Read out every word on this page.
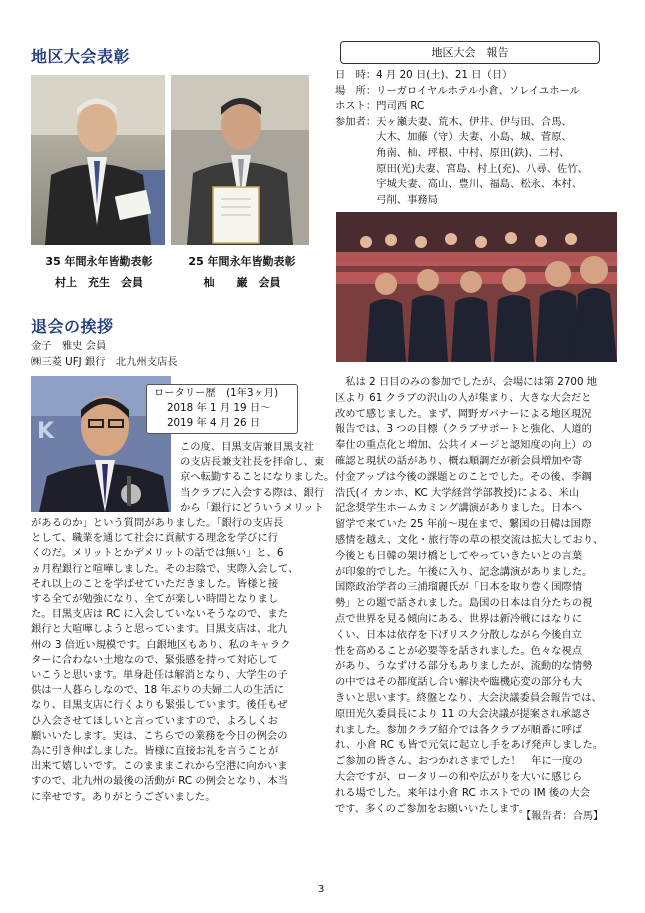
地区大会表彰
35 年間永年皆勤表彰
村上　充生　会員
25 年間永年皆勤表彰
杣　　巌　会員
退会の挨拶
金子　雅史 会員
㈱三菱 UFJ 銀行　北九州支店長
K
ロータリー歴　(1年3ヶ月)
2018 年 1 月 19 日～
2019 年 4 月 26 日
この度、目黒支店兼目黒支社
の支店長兼支社長を拝命し、東
京へ転勤することになりました。
当クラブに入会する際は、銀行
から「銀行にどういうメリット
があるのか」という質問がありました。「銀行の支店長
として、職業を通じて社会に貢献する理念を学びに行
くのだ。メリットとかデメリットの話では無い」と、6
ヵ月程銀行と喧嘩しました。そのお陰で、実際入会して、
それ以上のことを学ばせていただきました。皆様と接
する全てが勉強になり、全てが楽しい時間となりまし
た。目黒支店は RC に入会していないそうなので、また
銀行と大喧嘩しようと思っています。目黒支店は、北九
州の 3 倍近い規模です。白銀地区もあり、私のキャラク
ターに合わない土地なので、緊張感を持って対応して
いこうと思います。単身赴任は解消となり、大学生の子
供は一人暮らしなので、18 年ぶりの夫婦二人の生活に
なり、目黒支店に行くよりも緊張しています。後任もぜ
ひ入会させてほしいと言っていますので、よろしくお
願いいたします。実は、こちらでの業務を今日の例会の
為に引き伸ばしました。皆様に直接お礼を言うことが
出来て嬉しいです。このまままこれから空港に向かいま
すので、北九州の最後の活動が RC の例会となり、本当
に幸せです。ありがとうございました。
地区大会　報告
日　時：4 月 20 日(土)、21 日（日）
場　所：リーガロイヤルホテル小倉、ソレイユホール
ホスト：門司西 RC
参加者：天ヶ瀬夫妻、荒木、伊井、伊与田、合馬、
　　　　大木、加藤（守）夫妻、小島、城、菅原、
　　　　角南、杣、坪根、中村、原田(鉄)、二村、
　　　　原田(光)夫妻、宮島、村上(充)、八尋、佐竹、
　　　　宇城夫妻、高山、豊川、福島、松永、本村、
　　　　弓削、事務局
　私は 2 日目のみの参加でしたが、会場には第 2700 地
区より 61 クラブの沢山の人が集まり、大きな大会だと
改めて感じました。まず、岡野ガバナーによる地区現況
報告では、3 つの目標（クラブサポートと強化、人道的
奉仕の重点化と増加、公共イメージと認知度の向上）の
確認と現状の話があり、概ね順調だが新会員増加や寄
付金アップは今後の課題とのことでした。その後、李鋼
浩氏(イ カンホ、KC 大学経営学部教授)による、米山
記念奨学生ホームカミング講演がありました。日本へ
留学で来ていた 25 年前～現在まで、繋国の日韓は国際
感情を越え、文化・旅行等の草の根交流は拡大しており、
今後とも日韓の架け橋としてやっていきたいとの言葉
が印象的でした。午後に入り、記念講演がありました。
国際政治学者の三浦瑠麗氏が「日本を取り巻く国際情
勢」との題で話されました。島国の日本は自分たちの視
点で世界を見る傾向にある、世界は新冷戦にはなりに
くい、日本は依存を下げリスク分散しながら今後自立
性を高めることが必要等を話されました。色々な視点
があり、うなずける部分もありましたが、流動的な情勢
の中ではその都度話し合い解決や臨機応変の部分も大
きいと思います。終盤となり、大会決議委員会報告では、
原田光久委員長により 11 の大会決議が提案され承認さ
れました。参加クラブ紹介では各クラブが順番に呼ば
れ、小倉 RC も皆で元気に起立し手をあげ発声しました。
ご参加の皆さん、おつかれさまでした！　年に一度の
大会ですが、ロータリーの和や広がりを大いに感じら
れる場でした。来年は小倉 RC ホストでの IM 後の大会
です、多くのご参加をお願いいたします。
【報告者：合馬】
3
